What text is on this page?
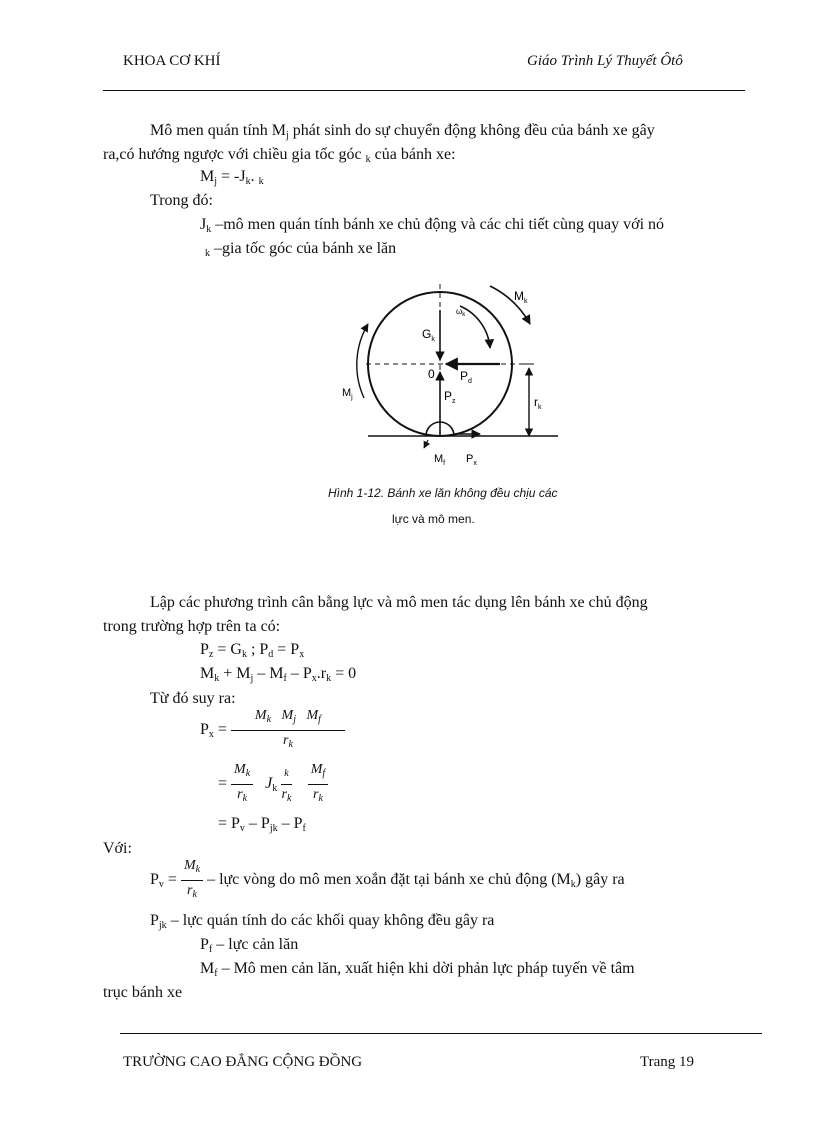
KHOA CƠ KHÍ	Giáo Trình Lý Thuyết Ôtô
Mô men quán tính $M_j$ phát sinh do sự chuyển động không đều của bánh xe gây
ra,có hướng ngược với chiều gia tốc góc $_k$ của bánh xe:
$M_j = -J_k$. $_k$
Trong đó:
$J_k$ –mô men quán tính bánh xe chủ động và các chi tiết cùng quay với nó
$_k$ –gia tốc góc của bánh xe lăn
$M_k$
$\omega_k$
$G_k$
0 $P_d$
$M_j$	$P_z$	$r_k$
$M_f$ $P_x$
Hình 1-12. Bánh xe lăn không đều chịu các
lực và mô men.
Lập các phương trình cân bằng lực và mô men tác dụng lên bánh xe chủ động
trong trường hợp trên ta có:
$P_z = G_k$ ; $P_d = P_x$
$M_k + M_j - M_f - P_x.r_k = 0$
Từ đó suy ra:
$P_x = \frac{M_k M_j M_f}{r_k}$
= $\frac{M_k}{r_k} J_k \frac{_k}{r_k}$
$\frac{M_f}{r_k}$
= $P_v - P_{jk} - P_f$
Với:
$P_v = \frac{M_k}{r_k}$ – lực vòng do mô men xoắn đặt tại bánh xe chủ động $(M_k)$ gây ra
$P_{jk}$ – lực quán tính do các khối quay không đều gây ra
$P_f$ – lực cản lăn
$M_f$ – Mô men cản lăn, xuất hiện khi dời phản lực pháp tuyến về tâm
trục bánh xe
TRƯỜNG CAO ĐẲNG CỘNG ĐỒNG	Trang 19
